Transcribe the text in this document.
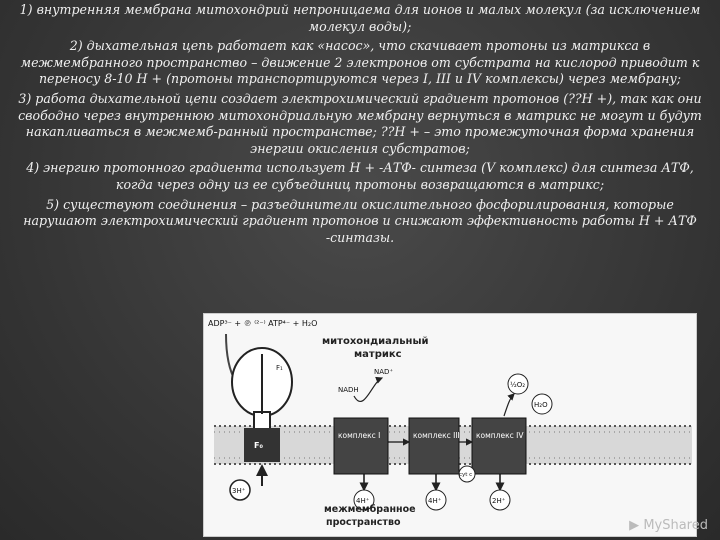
1) внутренняя мембрана митохондрий непроницаема для ионов и малых молекул (за исключением молекул воды);

2) дыхательная цепь работает как «насос», что скачивает протоны из матрикса в межмембранного пространство – движение 2 электронов от субстрата на кислород приводит к переносу 8-10 Н + (протоны транспортируются через I, III и IV комплексы) через мембрану;

3) работа дыхательной цепи создает электрохимический градиент протонов (??Н +), так как они свободно через внутреннюю митохондриальную мембрану вернуться в матрикс не могут и будут накапливаться в межмемб-ранный пространстве; ??Н + – это промежуточная форма хранения энергии окисления субстратов;

4) энергию протонного градиента использует Н + -АТФ- синтеза (V комплекс) для синтеза АТФ, когда через одну из ее субъединиц протоны возвращаются в матрикс;

5) существуют соединения – разъединители окислительного фосфорилирования, которые нарушают электрохимический градиент протонов и снижают эффективность работы Н + АТФ -синтазы.

ADP³⁻ + ℗ ⁽²⁻⁾ ATP⁴⁻ + H₂O
F₁
F₀
3H⁺
митохондиальный
матрикс
NADH
NAD⁺
комплекс I	комплекс III комплекс IV
cyt c
½O₂
H₂O
4H⁺	4H⁺	2H⁺
межмембранное
пространство	▶ MyShared
